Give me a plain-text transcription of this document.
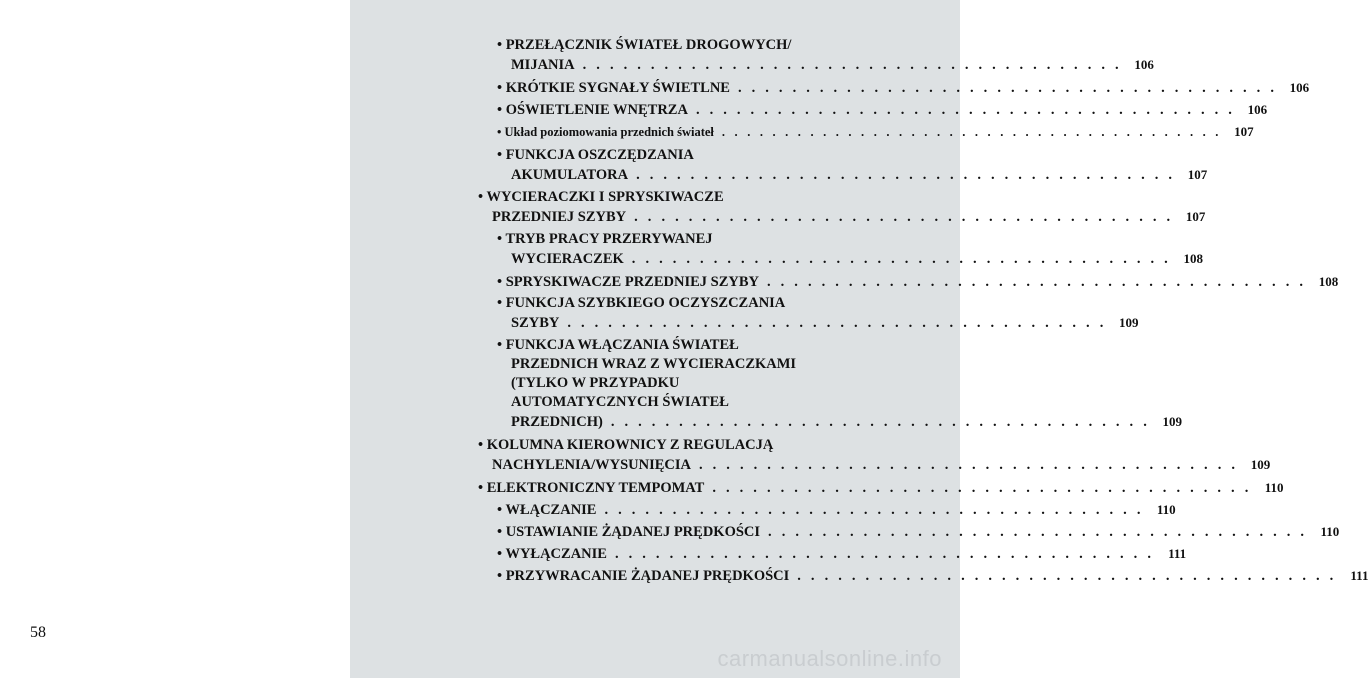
58
• PRZEŁĄCZNIK ŚWIATEŁ DROGOWYCH/
MIJANIA . . . . . . . . . . . . . . . . . . . . . . . . . . . . . . . . . . . . . . . . 106
• KRÓTKIE SYGNAŁY ŚWIETLNE . . . . . . . . . . . . . . . . . . . . . . . . . . . . . . . . . . . . . . . . 106
• OŚWIETLENIE WNĘTRZA . . . . . . . . . . . . . . . . . . . . . . . . . . . . . . . . . . . . . . . . 106
• Układ poziomowania przednich świateł . . . . . . . . . . . . . . . . . . . . . . . . . . . . . . . . . . . . . . . . 107
• FUNKCJA OSZCZĘDZANIA
AKUMULATORA . . . . . . . . . . . . . . . . . . . . . . . . . . . . . . . . . . . . . . . . 107
• WYCIERACZKI I SPRYSKIWACZE
PRZEDNIEJ SZYBY . . . . . . . . . . . . . . . . . . . . . . . . . . . . . . . . . . . . . . . . 107
• TRYB PRACY PRZERYWANEJ
WYCIERACZEK . . . . . . . . . . . . . . . . . . . . . . . . . . . . . . . . . . . . . . . . 108
• SPRYSKIWACZE PRZEDNIEJ SZYBY . . . . . . . . . . . . . . . . . . . . . . . . . . . . . . . . . . . . . . . . 108
• FUNKCJA SZYBKIEGO OCZYSZCZANIA
SZYBY . . . . . . . . . . . . . . . . . . . . . . . . . . . . . . . . . . . . . . . . 109
• FUNKCJA WŁĄCZANIA ŚWIATEŁ
PRZEDNICH WRAZ Z WYCIERACZKAMI
(TYLKO W PRZYPADKU
AUTOMATYCZNYCH ŚWIATEŁ
PRZEDNICH) . . . . . . . . . . . . . . . . . . . . . . . . . . . . . . . . . . . . . . . . 109
• KOLUMNA KIEROWNICY Z REGULACJĄ
NACHYLENIA/WYSUNIĘCIA . . . . . . . . . . . . . . . . . . . . . . . . . . . . . . . . . . . . . . . . 109
• ELEKTRONICZNY TEMPOMAT . . . . . . . . . . . . . . . . . . . . . . . . . . . . . . . . . . . . . . . .	110
• WŁĄCZANIE . . . . . . . . . . . . . . . . . . . . . . . . . . . . . . . . . . . . . . . .	110
• USTAWIANIE ŻĄDANEJ PRĘDKOŚCI . . . . . . . . . . . . . . . . . . . . . . . . . . . . . . . . . . . . . . . .	110
• WYŁĄCZANIE . . . . . . . . . . . . . . . . . . . . . . . . . . . . . . . . . . . . . . . .	111
• PRZYWRACANIE ŻĄDANEJ PRĘDKOŚCI . . . . . . . . . . . . . . . . . . . . . . . . . . . . . . . . . . . . . . . .	111
carmanualsonline.info
